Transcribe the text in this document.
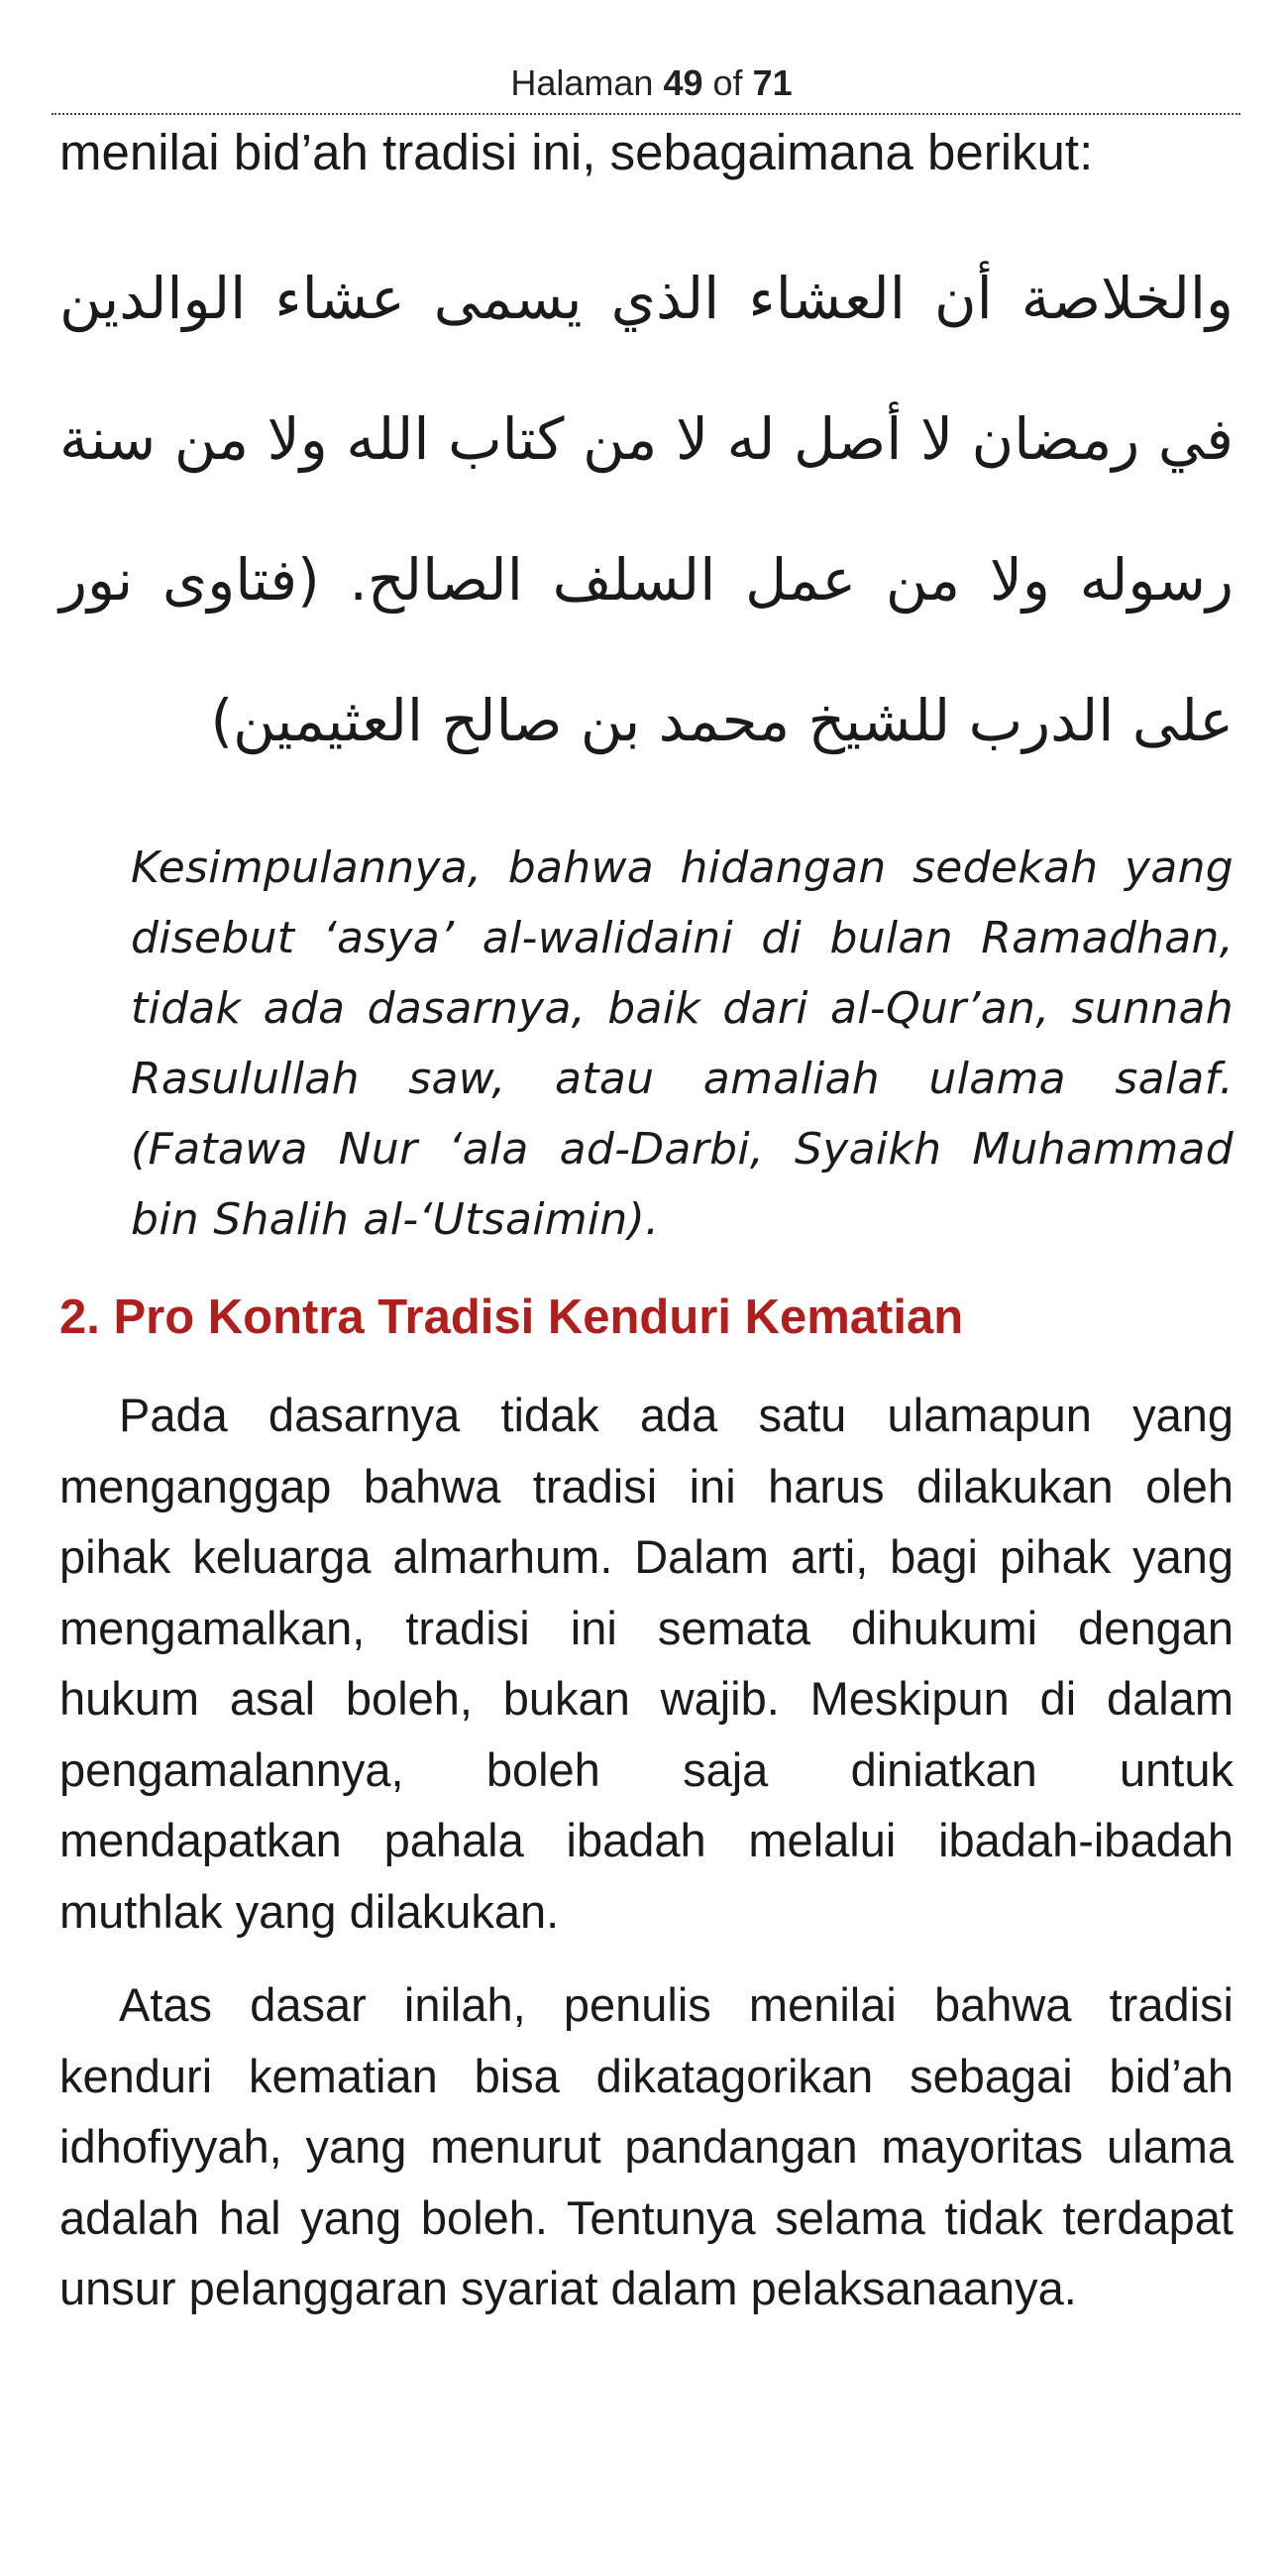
Halaman 49 of 71
menilai bid’ah tradisi ini, sebagaimana berikut:
والخلاصة أن العشاء الذي يسمى عشاء الوالدين في رمضان لا أصل له لا من كتاب الله ولا من سنة رسوله ولا من عمل السلف الصالح. (فتاوى نور على الدرب للشيخ محمد بن صالح العثيمين)
Kesimpulannya, bahwa hidangan sedekah yang disebut ‘asya’ al-walidaini di bulan Ramadhan, tidak ada dasarnya, baik dari al-Qur’an, sunnah Rasulullah saw, atau amaliah ulama salaf. (Fatawa Nur ‘ala ad-Darbi, Syaikh Muhammad bin Shalih al-‘Utsaimin).
2. Pro Kontra Tradisi Kenduri Kematian

Pada dasarnya tidak ada satu ulamapun yang menganggap bahwa tradisi ini harus dilakukan oleh pihak keluarga almarhum. Dalam arti, bagi pihak yang mengamalkan, tradisi ini semata dihukumi dengan hukum asal boleh, bukan wajib. Meskipun di dalam pengamalannya, boleh saja diniatkan untuk mendapatkan pahala ibadah melalui ibadah-ibadah muthlak yang dilakukan.

Atas dasar inilah, penulis menilai bahwa tradisi kenduri kematian bisa dikatagorikan sebagai bid’ah idhofiyyah, yang menurut pandangan mayoritas ulama adalah hal yang boleh. Tentunya selama tidak terdapat unsur pelanggaran syariat dalam pelaksanaanya.
